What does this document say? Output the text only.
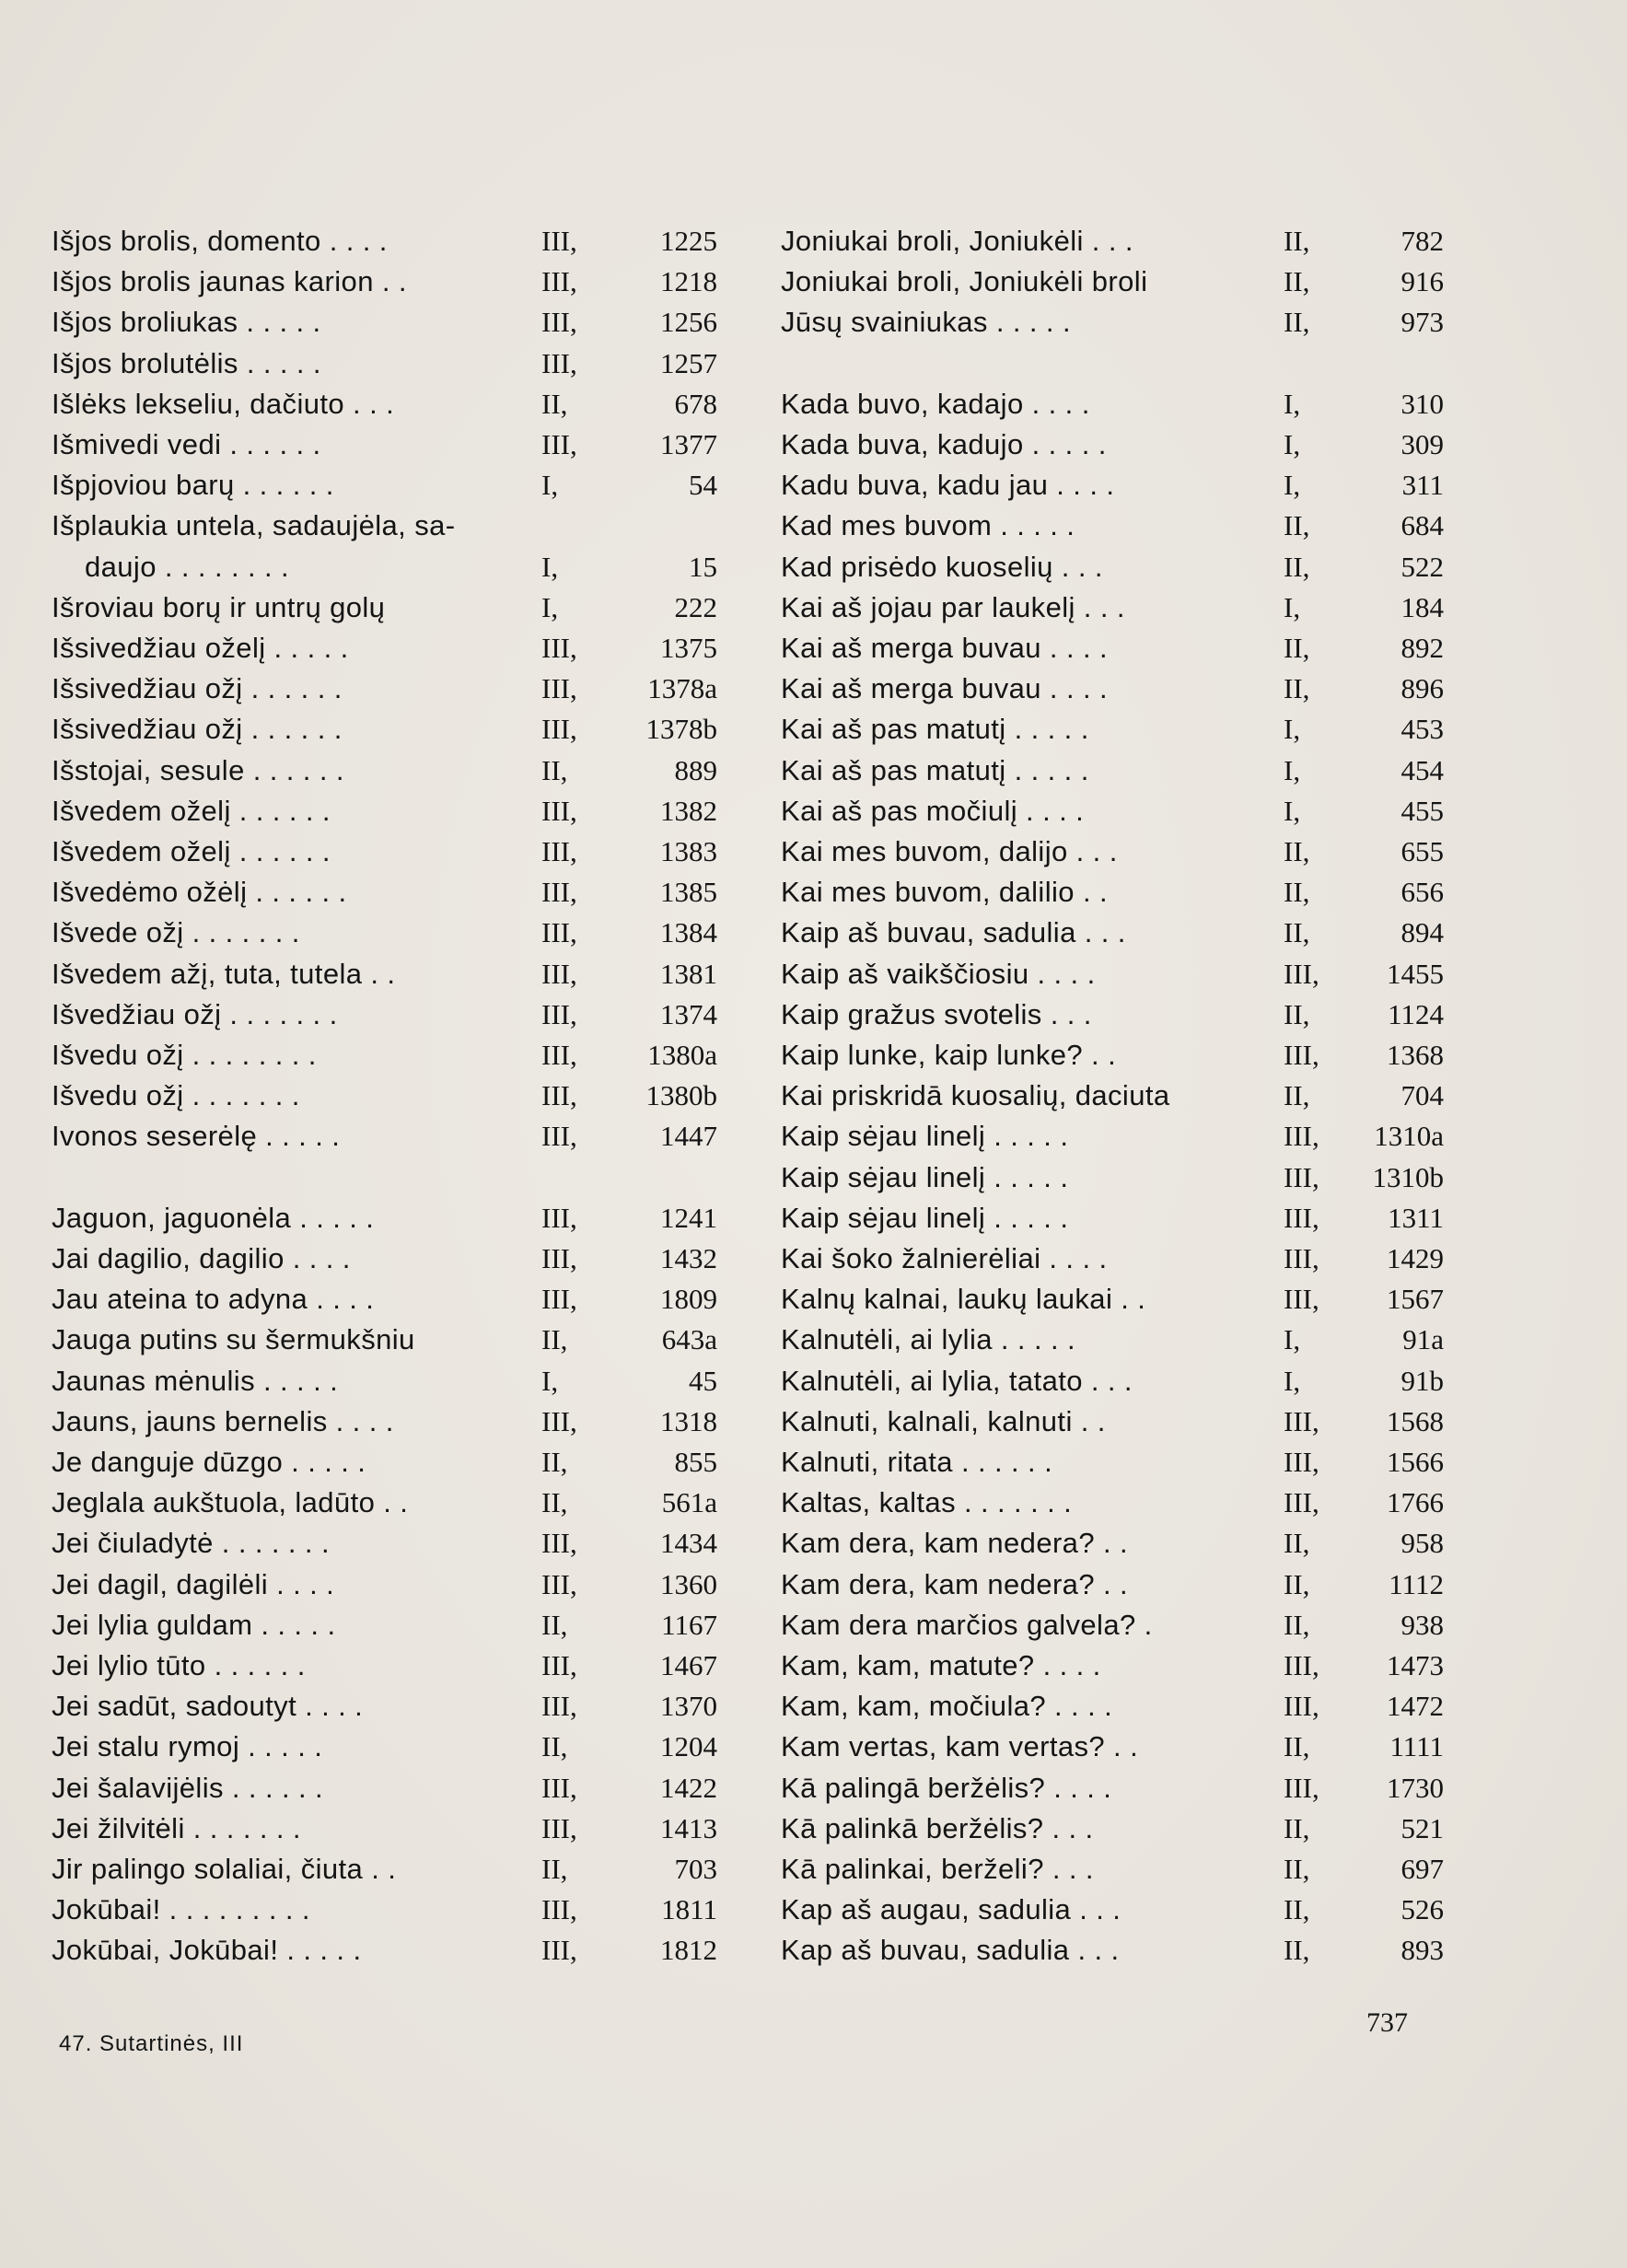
Išjos brolis, domento . . . .	III,	1225
Išjos brolis jaunas karion . .	III,	1218
Išjos broliukas . . . . .	III,	1256
Išjos brolutėlis . . . . .	III,	1257
Išlėks lekseliu, dačiuto . . .	II,	678
Išmivedi vedi . . . . . .	III,	1377
Išpjoviou barų . . . . . .	I,	54
Išplaukia untela, sadaujėla, sa-
daujo . . . . . . . .	I,	15
Išroviau borų ir untrų golų	I,	222
Išsivedžiau oželį . . . . .	III,	1375
Išsivedžiau ožį . . . . . .	III,	1378a
Išsivedžiau ožį . . . . . .	III,	1378b
Išstojai, sesule . . . . . .	II,	889
Išvedem oželį . . . . . .	III,	1382
Išvedem oželį . . . . . .	III,	1383
Išvedėmo ožėlį . . . . . .	III,	1385
Išvede ožį . . . . . . .	III,	1384
Išvedem ažį, tuta, tutela . .	III,	1381
Išvedžiau ožį . . . . . . .	III,	1374
Išvedu ožį . . . . . . . .	III,	1380a
Išvedu ožį . . . . . . .	III,	1380b
Ivonos seserėlę . . . . .	III,	1447
Jaguon, jaguonėla . . . . .	III,	1241
Jai dagilio, dagilio . . . .	III,	1432
Jau ateina to adyna . . . .	III,	1809
Jauga putins su šermukšniu	II,	643a
Jaunas mėnulis . . . . .	I,	45
Jauns, jauns bernelis . . . .	III,	1318
Je danguje dūzgo . . . . .	II,	855
Jeglala aukštuola, ladūto . .	II,	561a
Jei čiuladytė . . . . . . .	III,	1434
Jei dagil, dagilėli . . . .	III,	1360
Jei lylia guldam . . . . .	II,	1167
Jei lylio tūto . . . . . .	III,	1467
Jei sadūt, sadoutyt . . . .	III,	1370
Jei stalu rymoj . . . . .	II,	1204
Jei šalavijėlis . . . . . .	III,	1422
Jei žilvitėli . . . . . . .	III,	1413
Jir palingo solaliai, čiuta . .	II,	703
Jokūbai! . . . . . . . . .	III,	1811
Jokūbai, Jokūbai! . . . . .	III,	1812
Joniukai broli, Joniukėli . . .	II,	782
Joniukai broli, Joniukėli broli	II,	916
Jūsų svainiukas . . . . .	II,	973
Kada buvo, kadajo . . . .	I,	310
Kada buva, kadujo . . . . .	I,	309
Kadu buva, kadu jau . . . .	I,	311
Kad mes buvom . . . . .	II,	684
Kad prisėdo kuoselių . . .	II,	522
Kai aš jojau par laukelį . . .	I,	184
Kai aš merga buvau . . . .	II,	892
Kai aš merga buvau . . . .	II,	896
Kai aš pas matutį . . . . .	I,	453
Kai aš pas matutį . . . . .	I,	454
Kai aš pas močiulį . . . .	I,	455
Kai mes buvom, dalijo . . .	II,	655
Kai mes buvom, dalilio . .	II,	656
Kaip aš buvau, sadulia . . .	II,	894
Kaip aš vaikščiosiu . . . .	III,	1455
Kaip gražus svotelis . . .	II,	1124
Kaip lunke, kaip lunke? . .	III,	1368
Kai priskridā kuosalių, daciuta	II,	704
Kaip sėjau linelį . . . . .	III,	1310a
Kaip sėjau linelį . . . . .	III,	1310b
Kaip sėjau linelį . . . . .	III,	1311
Kai šoko žalnierėliai . . . .	III,	1429
Kalnų kalnai, laukų laukai . .	III,	1567
Kalnutėli, ai lylia . . . . .	I,	91a
Kalnutėli, ai lylia, tatato . . .	I,	91b
Kalnuti, kalnali, kalnuti . .	III,	1568
Kalnuti, ritata . . . . . .	III,	1566
Kaltas, kaltas . . . . . . .	III,	1766
Kam dera, kam nedera? . .	II,	958
Kam dera, kam nedera? . .	II,	1112
Kam dera marčios galvela? .	II,	938
Kam, kam, matute? . . . .	III,	1473
Kam, kam, močiula? . . . .	III,	1472
Kam vertas, kam vertas? . .	II,	1111
Kā palingā beržėlis? . . . .	III,	1730
Kā palinkā beržėlis? . . .	II,	521
Kā palinkai, berželi? . . .	II,	697
Kap aš augau, sadulia . . .	II,	526
Kap aš buvau, sadulia . . .	II,	893
47. Sutartinės, III
737
